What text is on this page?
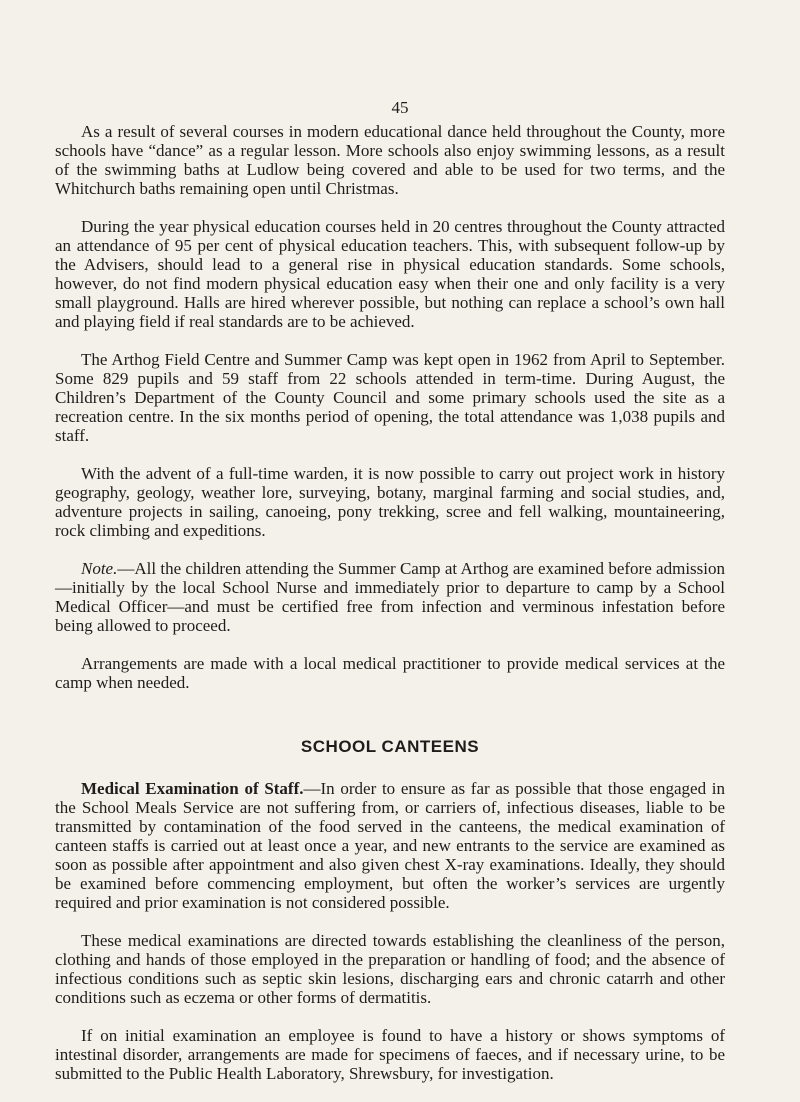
45

As a result of several courses in modern educational dance held throughout the County, more schools have “dance” as a regular lesson. More schools also enjoy swimming lessons, as a result of the swimming baths at Ludlow being covered and able to be used for two terms, and the Whitchurch baths remaining open until Christmas.

During the year physical education courses held in 20 centres throughout the County attracted an attendance of 95 per cent of physical education teachers. This, with subsequent follow-up by the Advisers, should lead to a general rise in physical education standards. Some schools, however, do not find modern physical education easy when their one and only facility is a very small playground. Halls are hired wherever possible, but nothing can replace a school’s own hall and playing field if real standards are to be achieved.

The Arthog Field Centre and Summer Camp was kept open in 1962 from April to September. Some 829 pupils and 59 staff from 22 schools attended in term-time. During August, the Children’s Department of the County Council and some primary schools used the site as a recreation centre. In the six months period of opening, the total attendance was 1,038 pupils and staff.

With the advent of a full-time warden, it is now possible to carry out project work in history geography, geology, weather lore, surveying, botany, marginal farming and social studies, and, adventure projects in sailing, canoeing, pony trekking, scree and fell walking, mountaineering, rock climbing and expeditions.

Note.—All the children attending the Summer Camp at Arthog are examined before admission—initially by the local School Nurse and immediately prior to departure to camp by a School Medical Officer—and must be certified free from infection and verminous infestation before being allowed to proceed.

Arrangements are made with a local medical practitioner to provide medical services at the camp when needed.

SCHOOL CANTEENS

Medical Examination of Staff.—In order to ensure as far as possible that those engaged in the School Meals Service are not suffering from, or carriers of, infectious diseases, liable to be transmitted by contamination of the food served in the canteens, the medical examination of canteen staffs is carried out at least once a year, and new entrants to the service are examined as soon as possible after appointment and also given chest X-ray examinations. Ideally, they should be examined before commencing employment, but often the worker’s services are urgently required and prior examination is not considered possible.

These medical examinations are directed towards establishing the cleanliness of the person, clothing and hands of those employed in the preparation or handling of food; and the absence of infectious conditions such as septic skin lesions, discharging ears and chronic catarrh and other conditions such as eczema or other forms of dermatitis.

If on initial examination an employee is found to have a history or shows symptoms of intestinal disorder, arrangements are made for specimens of faeces, and if necessary urine, to be submitted to the Public Health Laboratory, Shrewsbury, for investigation.
